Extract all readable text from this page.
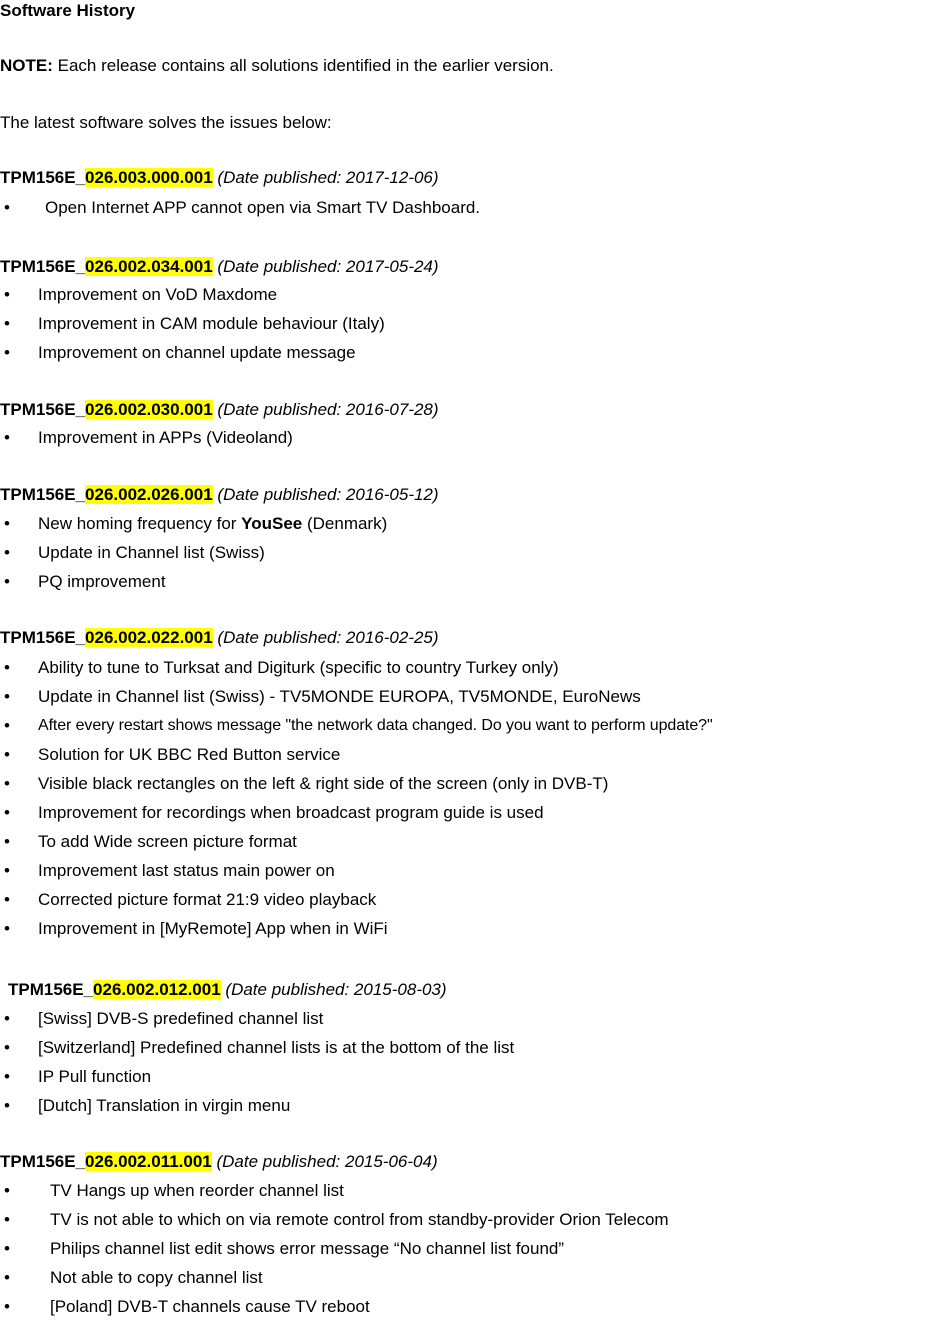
Software History
NOTE: Each release contains all solutions identified in the earlier version.
The latest software solves the issues below:
TPM156E_026.003.000.001 (Date published: 2017-12-06)
• Open Internet APP cannot open via Smart TV Dashboard.
TPM156E_026.002.034.001 (Date published: 2017-05-24)
• Improvement on VoD Maxdome
• Improvement in CAM module behaviour (Italy)
• Improvement on channel update message
TPM156E_026.002.030.001 (Date published: 2016-07-28)
• Improvement in APPs (Videoland)
TPM156E_026.002.026.001 (Date published: 2016-05-12)
• New homing frequency for YouSee (Denmark)
• Update in Channel list (Swiss)
• PQ improvement
TPM156E_026.002.022.001 (Date published: 2016-02-25)
• Ability to tune to Turksat and Digiturk (specific to country Turkey only)
• Update in Channel list (Swiss) - TV5MONDE EUROPA, TV5MONDE, EuroNews
• After every restart shows message "the network data changed. Do you want to perform update?"
• Solution for UK BBC Red Button service
• Visible black rectangles on the left & right side of the screen (only in DVB-T)
• Improvement for recordings when broadcast program guide is used
• To add Wide screen picture format
• Improvement last status main power on
• Corrected picture format 21:9 video playback
• Improvement in [MyRemote] App when in WiFi
TPM156E_026.002.012.001 (Date published: 2015-08-03)
• [Swiss] DVB-S predefined channel list
• [Switzerland] Predefined channel lists is at the bottom of the list
• IP Pull function
• [Dutch] Translation in virgin menu
TPM156E_026.002.011.001 (Date published: 2015-06-04)
• TV Hangs up when reorder channel list
• TV is not able to which on via remote control from standby-provider Orion Telecom
• Philips channel list edit shows error message “No channel list found”
• Not able to copy channel list
• [Poland] DVB-T channels cause TV reboot
